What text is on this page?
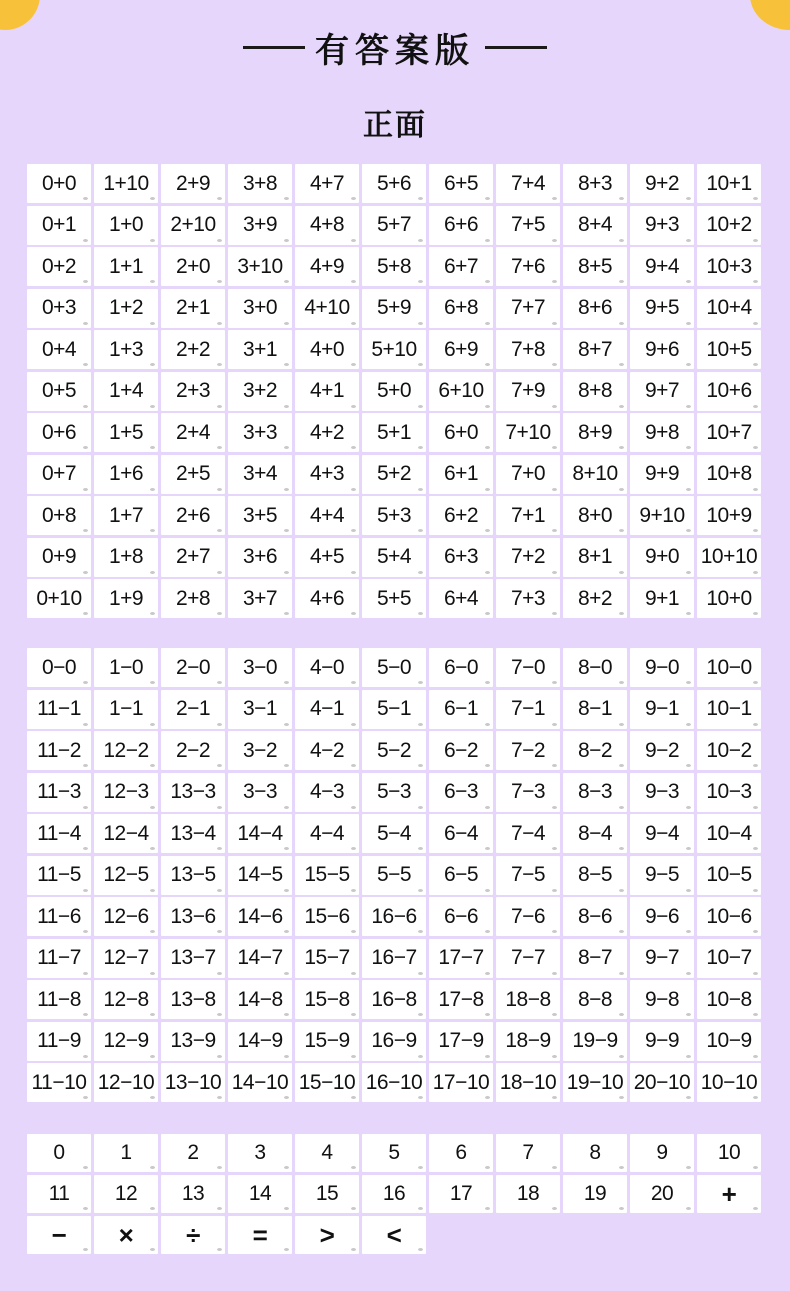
有答案版
正面
0+0 1+10 2+9 3+8 4+7 5+6 6+5 7+4 8+3 9+2 10+1
0+1 1+0 2+10 3+9 4+8 5+7 6+6 7+5 8+4 9+3 10+2
0+2 1+1 2+0 3+10 4+9 5+8 6+7 7+6 8+5 9+4 10+3
0+3 1+2 2+1 3+0 4+10 5+9 6+8 7+7 8+6 9+5 10+4
0+4 1+3 2+2 3+1 4+0 5+10 6+9 7+8 8+7 9+6 10+5
0+5 1+4 2+3 3+2 4+1 5+0 6+10 7+9 8+8 9+7 10+6
0+6 1+5 2+4 3+3 4+2 5+1 6+0 7+10 8+9 9+8 10+7
0+7 1+6 2+5 3+4 4+3 5+2 6+1 7+0 8+10 9+9 10+8
0+8 1+7 2+6 3+5 4+4 5+3 6+2 7+1 8+0 9+10 10+9
0+9 1+8 2+7 3+6 4+5 5+4 6+3 7+2 8+1 9+0 10+10
0+10 1+9 2+8 3+7 4+6 5+5 6+4 7+3 8+2 9+1 10+0
0−0 1−0 2−0 3−0 4−0 5−0 6−0 7−0 8−0 9−0 10−0
11−1 1−1 2−1 3−1 4−1 5−1 6−1 7−1 8−1 9−1 10−1
11−2 12−2 2−2 3−2 4−2 5−2 6−2 7−2 8−2 9−2 10−2
11−3 12−3 13−3 3−3 4−3 5−3 6−3 7−3 8−3 9−3 10−3
11−4 12−4 13−4 14−4 4−4 5−4 6−4 7−4 8−4 9−4 10−4
11−5 12−5 13−5 14−5 15−5 5−5 6−5 7−5 8−5 9−5 10−5
11−6 12−6 13−6 14−6 15−6 16−6 6−6 7−6 8−6 9−6 10−6
11−7 12−7 13−7 14−7 15−7 16−7 17−7 7−7 8−7 9−7 10−7
11−8 12−8 13−8 14−8 15−8 16−8 17−8 18−8 8−8 9−8 10−8
11−9 12−9 13−9 14−9 15−9 16−9 17−9 18−9 19−9 9−9 10−9
11−10 12−10 13−10 14−10 15−10 16−10 17−10 18−10 19−10 20−10 10−10
0	1	2	3	4	5	6	7	8	9 10
11 12 13 14 15 16 17 18 19 20 +
− × ÷ = > <
